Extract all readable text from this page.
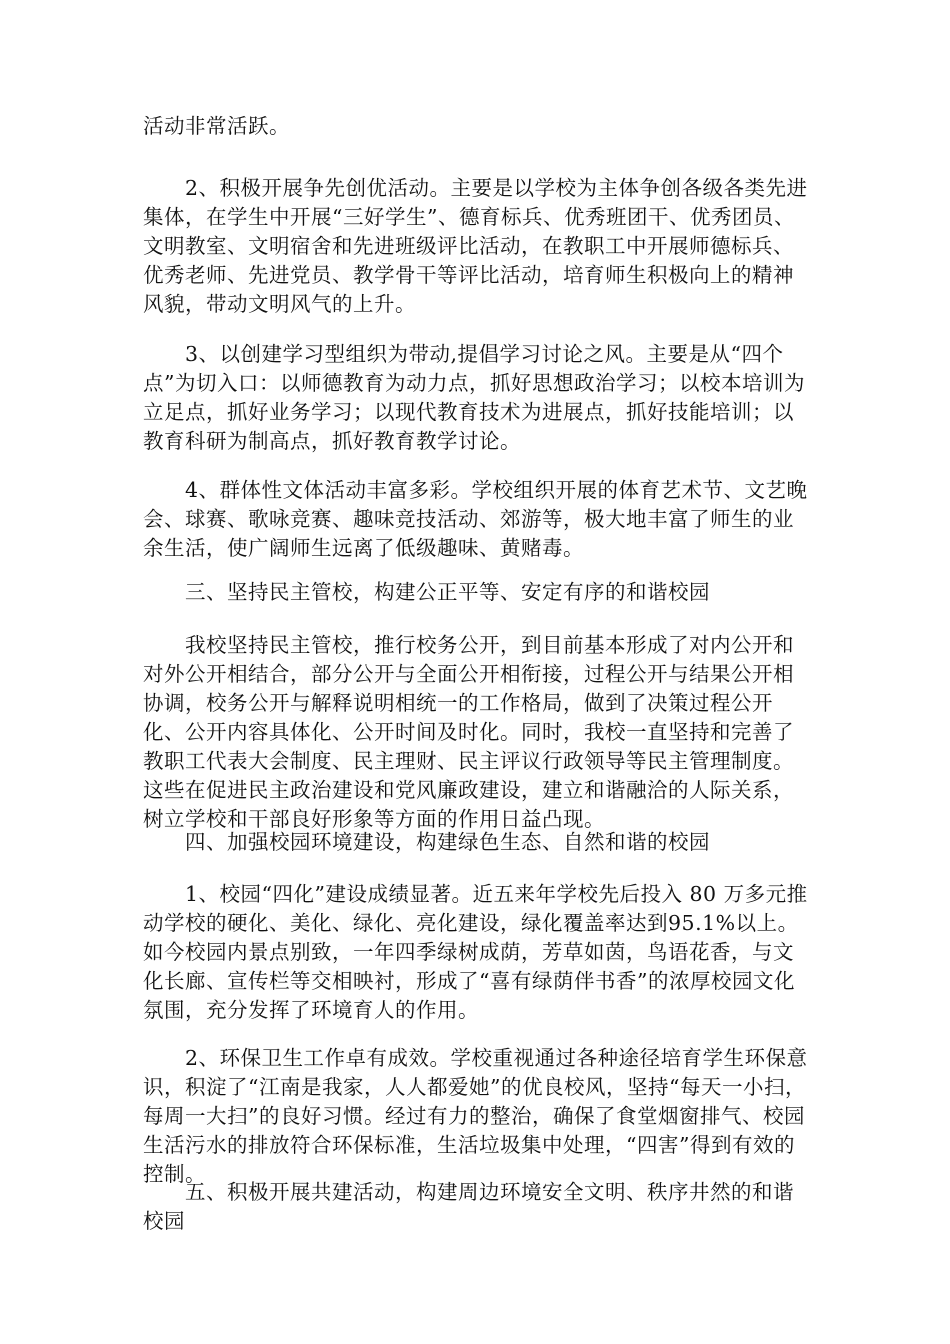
活动非常活跃。

2、积极开展争先创优活动。主要是以学校为主体争创各级各类先进集体，在学生中开展“三好学生”、德育标兵、优秀班团干、优秀团员、文明教室、文明宿舍和先进班级评比活动，在教职工中开展师德标兵、优秀老师、先进党员、教学骨干等评比活动，培育师生积极向上的精神风貌，带动文明风气的上升。

3、以创建学习型组织为带动,提倡学习讨论之风。主要是从“四个点”为切入口：以师德教育为动力点，抓好思想政治学习；以校本培训为立足点，抓好业务学习；以现代教育技术为进展点，抓好技能培训；以教育科研为制高点，抓好教育教学讨论。

4、群体性文体活动丰富多彩。学校组织开展的体育艺术节、文艺晚会、球赛、歌咏竞赛、趣味竞技活动、郊游等，极大地丰富了师生的业余生活，使广阔师生远离了低级趣味、黄赌毒。

三、坚持民主管校，构建公正平等、安定有序的和谐校园

我校坚持民主管校，推行校务公开，到目前基本形成了对内公开和对外公开相结合，部分公开与全面公开相衔接，过程公开与结果公开相协调，校务公开与解释说明相统一的工作格局，做到了决策过程公开化、公开内容具体化、公开时间及时化。同时，我校一直坚持和完善了教职工代表大会制度、民主理财、民主评议行政领导等民主管理制度。这些在促进民主政治建设和党风廉政建设，建立和谐融洽的人际关系，树立学校和干部良好形象等方面的作用日益凸现。

四、加强校园环境建设，构建绿色生态、自然和谐的校园

1、校园“四化”建设成绩显著。近五来年学校先后投入 80 万多元推动学校的硬化、美化、绿化、亮化建设，绿化覆盖率达到95.1%以上。如今校园内景点别致，一年四季绿树成荫，芳草如茵，鸟语花香，与文化长廊、宣传栏等交相映衬，形成了“喜有绿荫伴书香”的浓厚校园文化氛围，充分发挥了环境育人的作用。

2、环保卫生工作卓有成效。学校重视通过各种途径培育学生环保意识，积淀了“江南是我家，人人都爱她”的优良校风，坚持“每天一小扫，每周一大扫”的良好习惯。经过有力的整治，确保了食堂烟窗排气、校园生活污水的排放符合环保标准，生活垃圾集中处理，“四害”得到有效的控制。

五、积极开展共建活动，构建周边环境安全文明、秩序井然的和谐校园
